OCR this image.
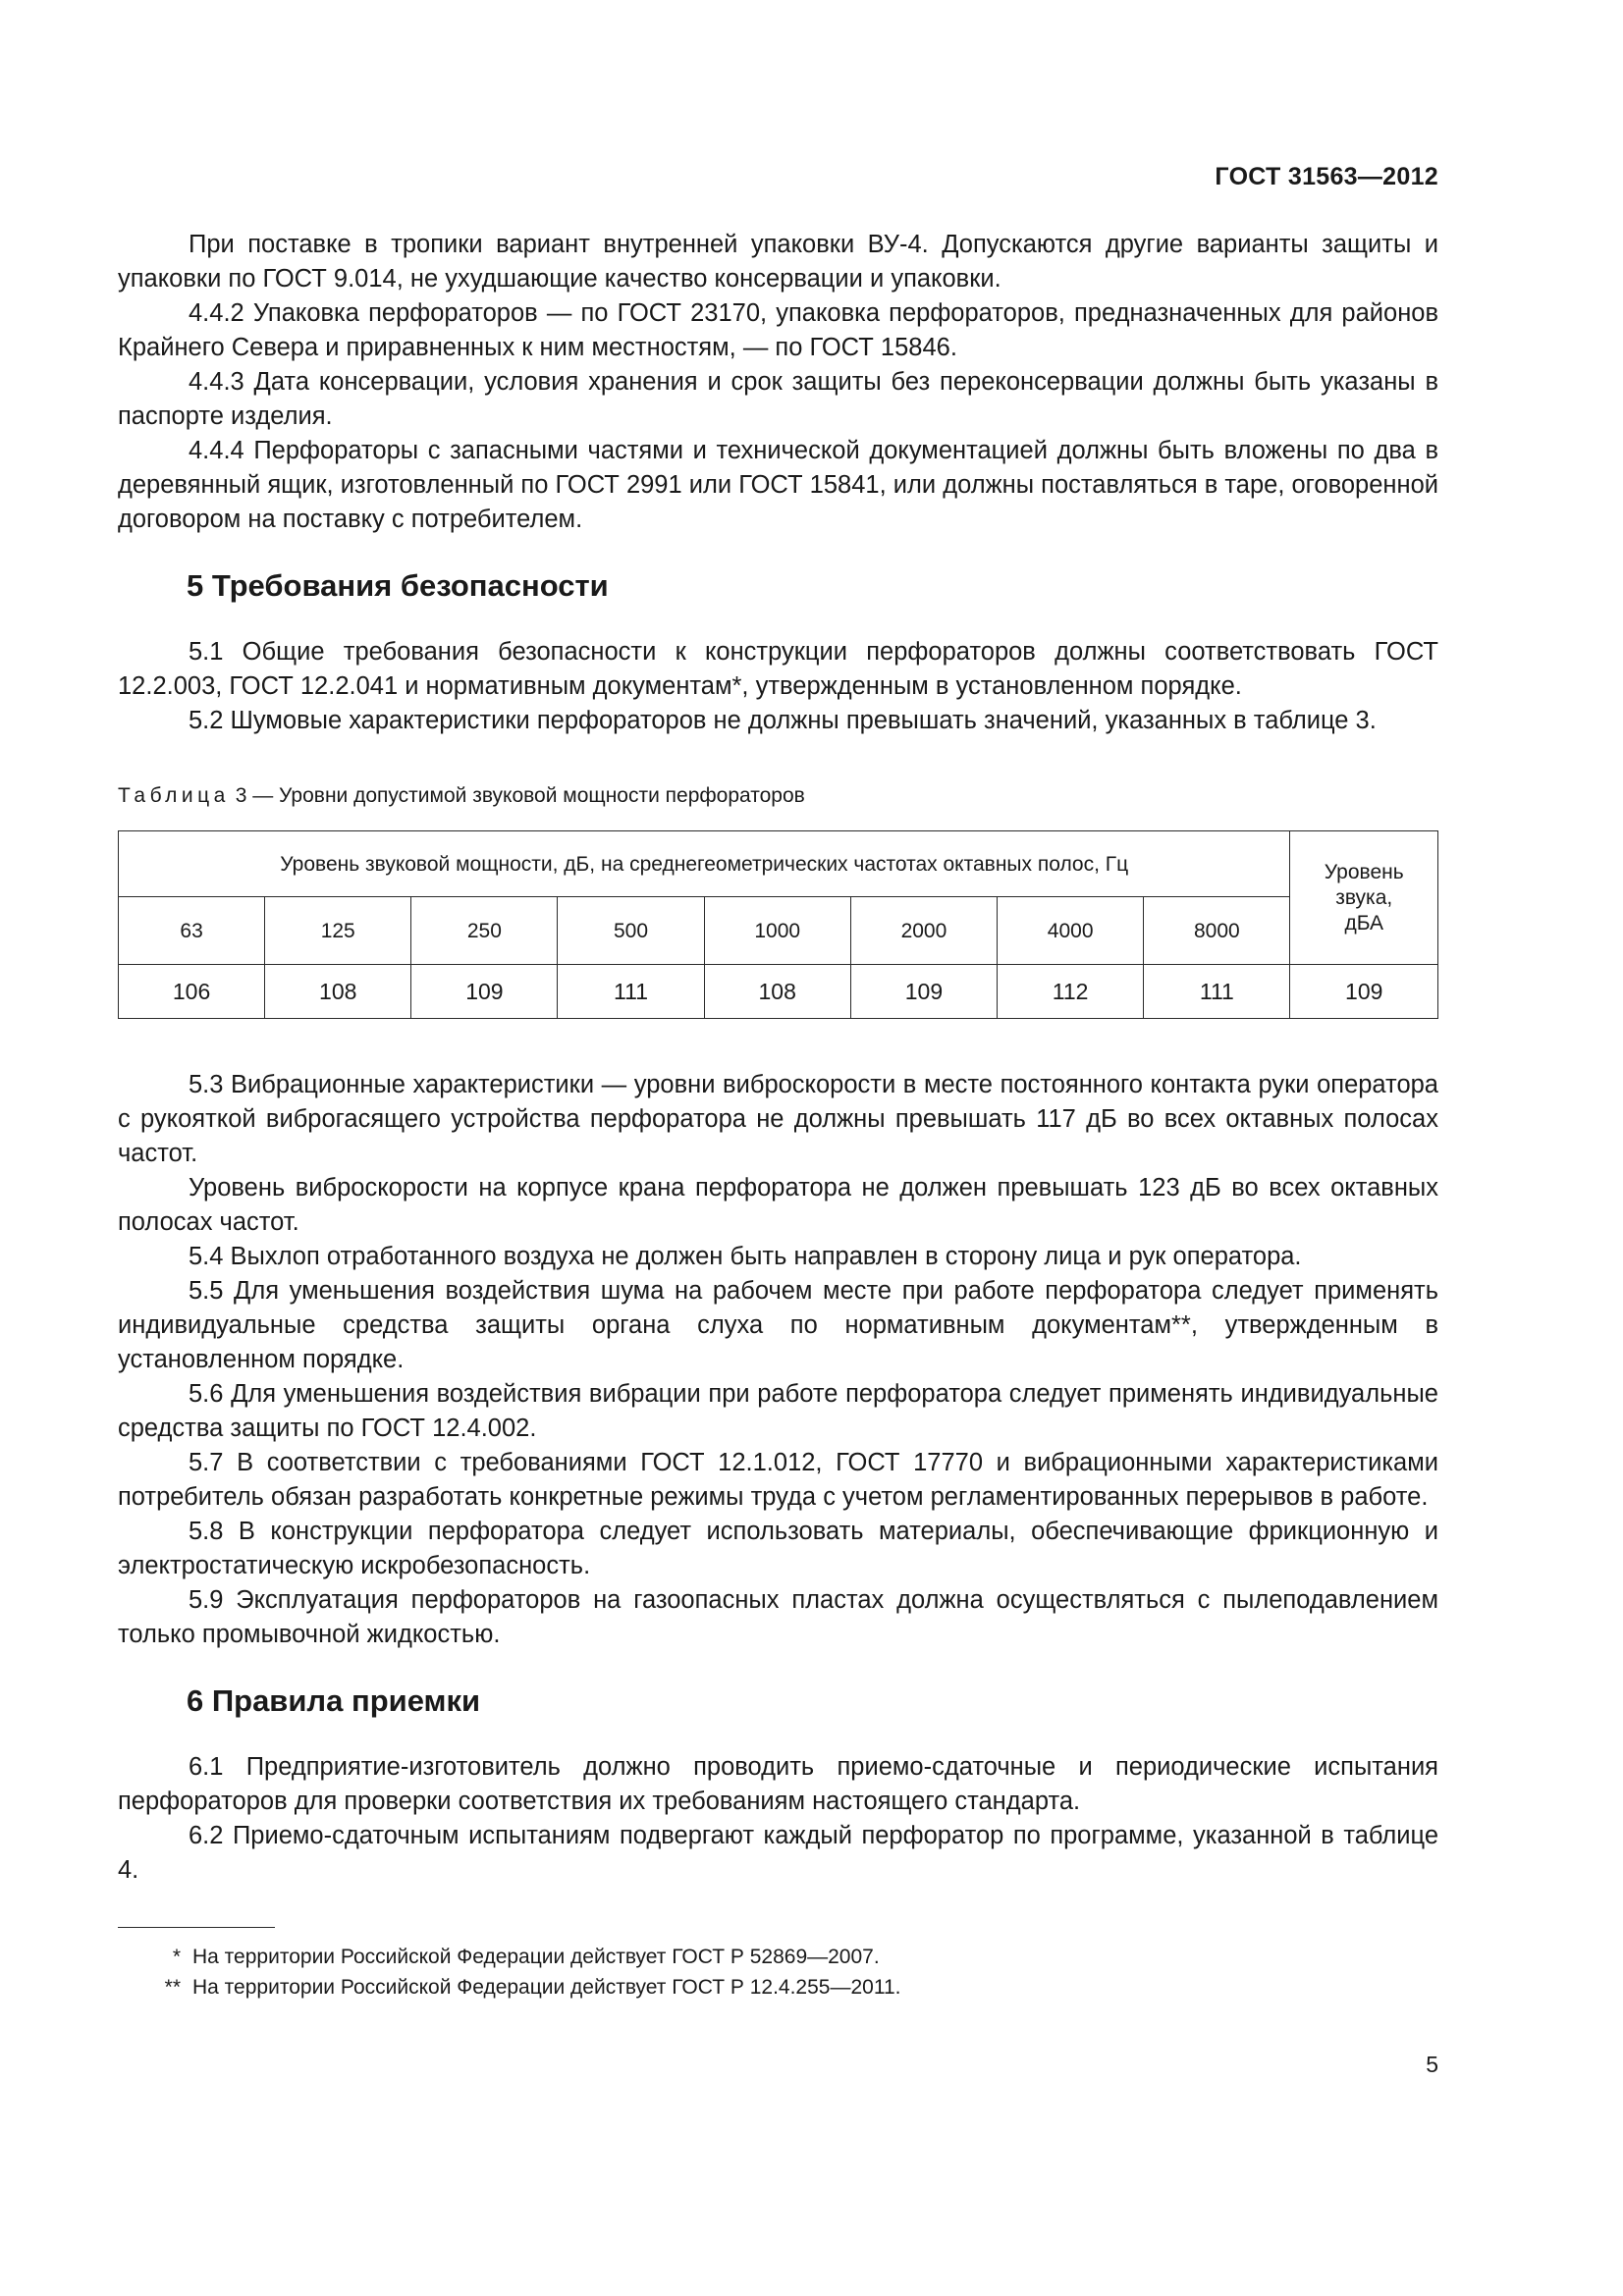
ГОСТ 31563—2012

При поставке в тропики вариант внутренней упаковки ВУ-4. Допускаются другие варианты защиты и упаковки по ГОСТ 9.014, не ухудшающие качество консервации и упаковки.

4.4.2 Упаковка перфораторов — по ГОСТ 23170, упаковка перфораторов, предназначенных для районов Крайнего Севера и приравненных к ним местностям, — по ГОСТ 15846.

4.4.3 Дата консервации, условия хранения и срок защиты без переконсервации должны быть указаны в паспорте изделия.

4.4.4 Перфораторы с запасными частями и технической документацией должны быть вложены по два в деревянный ящик, изготовленный по ГОСТ 2991 или ГОСТ 15841, или должны поставляться в таре, оговоренной договором на поставку с потребителем.

5 Требования безопасности

5.1 Общие требования безопасности к конструкции перфораторов должны соответствовать ГОСТ 12.2.003, ГОСТ 12.2.041 и нормативным документам*, утвержденным в установленном порядке.

5.2 Шумовые характеристики перфораторов не должны превышать значений, указанных в таблице 3.

Таблица 3 — Уровни допустимой звуковой мощности перфораторов
Уровень звуковой мощности, дБ, на среднегеометрических частотах октавных полос, Гц								Уровень
звука,
дБА

63	125	250	500	1000	2000	4000	8000	
106	108	109	111	108	109	112	111	109

5.3 Вибрационные характеристики — уровни виброскорости в месте постоянного контакта руки оператора с рукояткой виброгасящего устройства перфоратора не должны превышать 117 дБ во всех октавных полосах частот.

Уровень виброскорости на корпусе крана перфоратора не должен превышать 123 дБ во всех октавных полосах частот.

5.4 Выхлоп отработанного воздуха не должен быть направлен в сторону лица и рук оператора.

5.5 Для уменьшения воздействия шума на рабочем месте при работе перфоратора следует применять индивидуальные средства защиты органа слуха по нормативным документам**, утвержденным в установленном порядке.

5.6 Для уменьшения воздействия вибрации при работе перфоратора следует применять индивидуальные средства защиты по ГОСТ 12.4.002.

5.7 В соответствии с требованиями ГОСТ 12.1.012, ГОСТ 17770 и вибрационными характеристиками потребитель обязан разработать конкретные режимы труда с учетом регламентированных перерывов в работе.

5.8 В конструкции перфоратора следует использовать материалы, обеспечивающие фрикционную и электростатическую искробезопасность.

5.9 Эксплуатация перфораторов на газоопасных пластах должна осуществляться с пылеподавлением только промывочной жидкостью.

6 Правила приемки

6.1 Предприятие-изготовитель должно проводить приемо-сдаточные и периодические испытания перфораторов для проверки соответствия их требованиям настоящего стандарта.

6.2 Приемо-сдаточным испытаниям подвергают каждый перфоратор по программе, указанной в таблице 4.

* На территории Российской Федерации действует ГОСТ Р 52869—2007.
** На территории Российской Федерации действует ГОСТ Р 12.4.255—2011.
5
